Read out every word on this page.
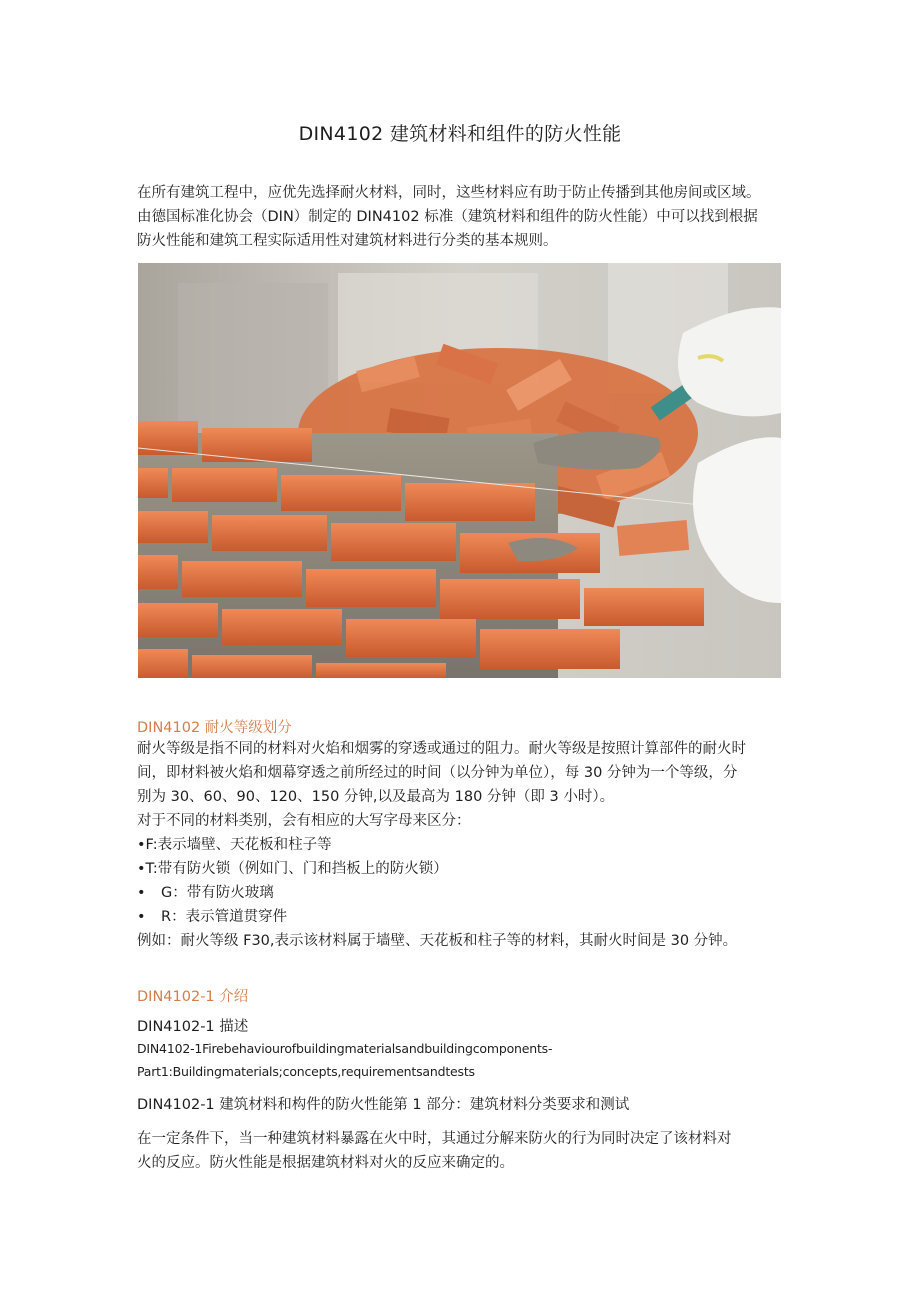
DIN4102 建筑材料和组件的防火性能

在所有建筑工程中，应优先选择耐火材料，同时，这些材料应有助于防止传播到其他房间或区域。
由德国标准化协会（DIN）制定的 DIN4102 标准（建筑材料和组件的防火性能）中可以找到根据
防火性能和建筑工程实际适用性对建筑材料进行分类的基本规则。

DIN4102 耐火等级划分

耐火等级是指不同的材料对火焰和烟雾的穿透或通过的阻力。耐火等级是按照计算部件的耐火时
间，即材料被火焰和烟幕穿透之前所经过的时间（以分钟为单位），每 30 分钟为一个等级，分
别为 30、60、90、120、150 分钟,以及最高为 180 分钟（即 3 小时）。
对于不同的材料类别，会有相应的大写字母来区分：
•F:表示墙壁、天花板和柱子等
•T:带有防火锁（例如门、门和挡板上的防火锁）
• G：带有防火玻璃
• R：表示管道贯穿件
例如：耐火等级 F30,表示该材料属于墙壁、天花板和柱子等的材料，其耐火时间是 30 分钟。

DIN4102-1 介绍
DIN4102-1 描述
DIN4102-1Firebehaviourofbuildingmaterialsandbuildingcomponents-
Part1:Buildingmaterials;concepts,requirementsandtests
DIN4102-1 建筑材料和构件的防火性能第 1 部分：建筑材料分类要求和测试

在一定条件下，当一种建筑材料暴露在火中时，其通过分解来防火的行为同时决定了该材料对
火的反应。防火性能是根据建筑材料对火的反应来确定的。
